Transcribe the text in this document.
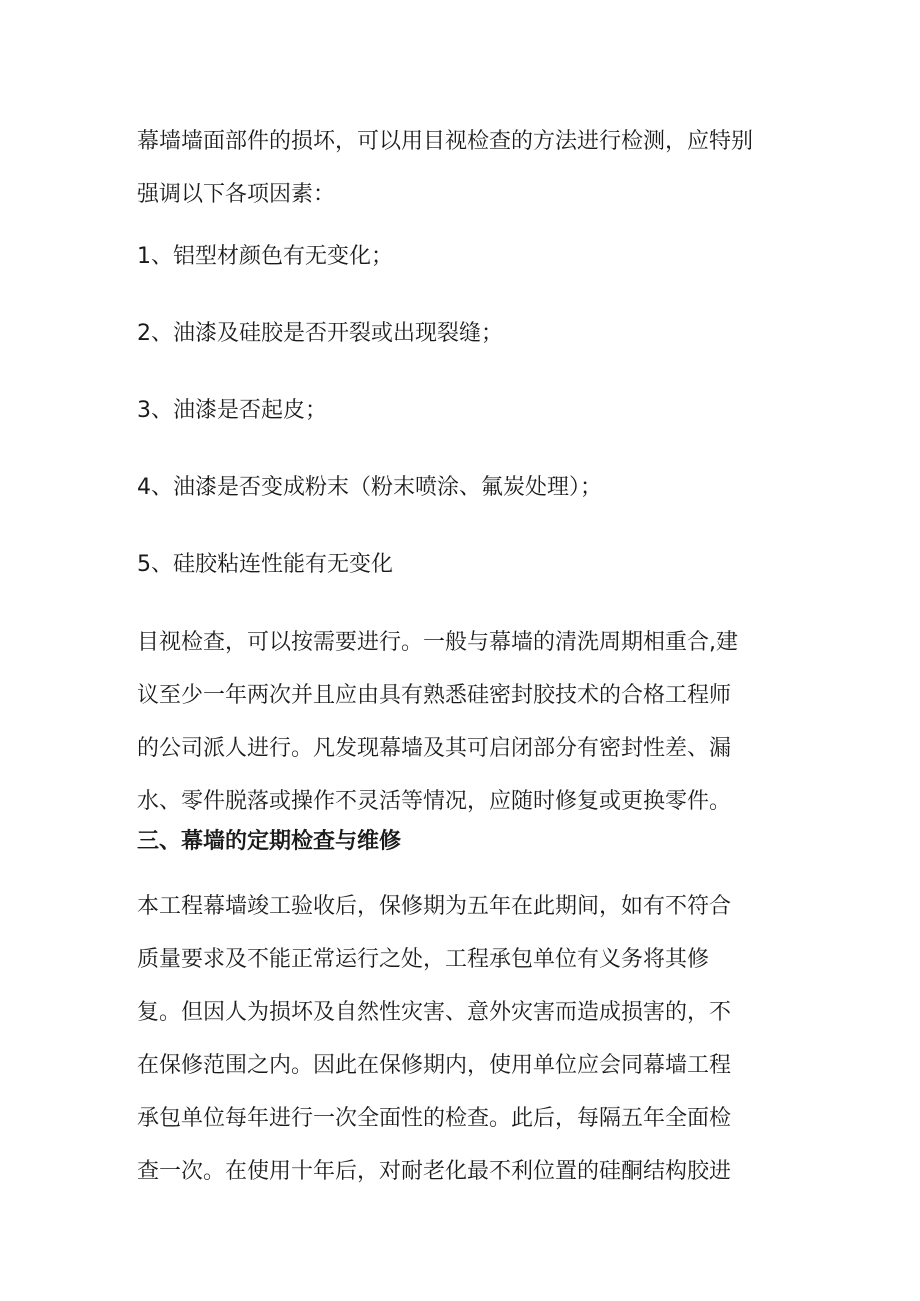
幕墙墙面部件的损坏，可以用目视检查的方法进行检测，应特别
强调以下各项因素：
1、铝型材颜色有无变化；
2、油漆及硅胶是否开裂或出现裂缝；
3、油漆是否起皮；
4、油漆是否变成粉末（粉末喷涂、氟炭处理）；
5、硅胶粘连性能有无变化
目视检查，可以按需要进行。一般与幕墙的清洗周期相重合,建
议至少一年两次并且应由具有熟悉硅密封胶技术的合格工程师
的公司派人进行。凡发现幕墙及其可启闭部分有密封性差、漏
水、零件脱落或操作不灵活等情况，应随时修复或更换零件。
三、幕墙的定期检查与维修
本工程幕墙竣工验收后，保修期为五年在此期间，如有不符合
质量要求及不能正常运行之处，工程承包单位有义务将其修
复。但因人为损坏及自然性灾害、意外灾害而造成损害的，不
在保修范围之内。因此在保修期内，使用单位应会同幕墙工程
承包单位每年进行一次全面性的检查。此后，每隔五年全面检
查一次。在使用十年后，对耐老化最不利位置的硅酮结构胶进
